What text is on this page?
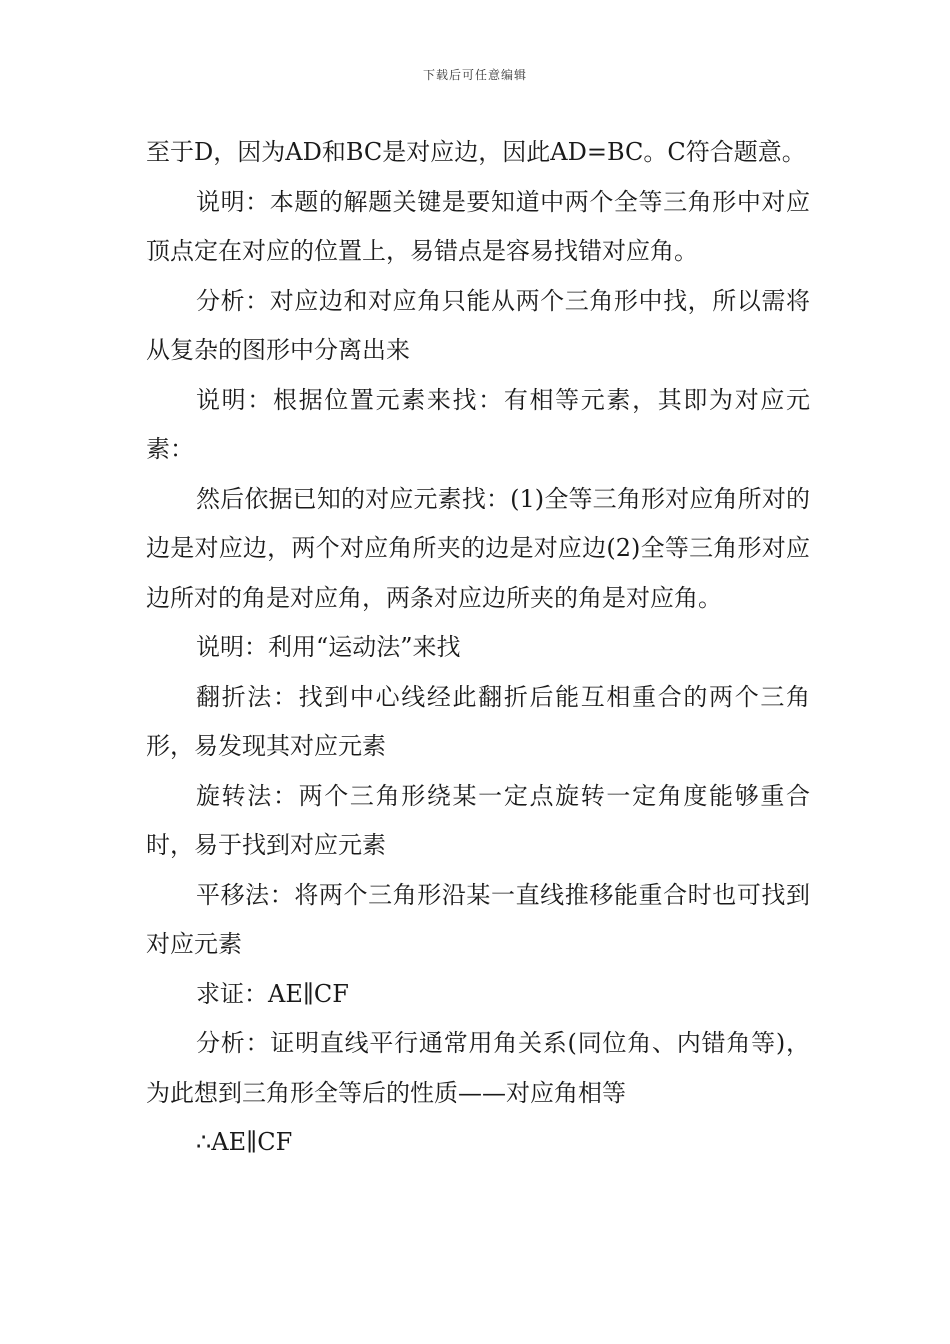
下载后可任意编辑

至于D，因为AD和BC是对应边，因此AD=BC。C符合题意。

说明：本题的解题关键是要知道中两个全等三角形中对应顶点定在对应的位置上，易错点是容易找错对应角。

分析：对应边和对应角只能从两个三角形中找，所以需将从复杂的图形中分离出来

说明：根据位置元素来找：有相等元素，其即为对应元素：

然后依据已知的对应元素找：(1)全等三角形对应角所对的边是对应边，两个对应角所夹的边是对应边(2)全等三角形对应边所对的角是对应角，两条对应边所夹的角是对应角。

说明：利用“运动法”来找

翻折法：找到中心线经此翻折后能互相重合的两个三角形，易发现其对应元素

旋转法：两个三角形绕某一定点旋转一定角度能够重合时，易于找到对应元素

平移法：将两个三角形沿某一直线推移能重合时也可找到对应元素

求证：AE∥CF

分析：证明直线平行通常用角关系(同位角、内错角等)，为此想到三角形全等后的性质——对应角相等

∴AE∥CF
